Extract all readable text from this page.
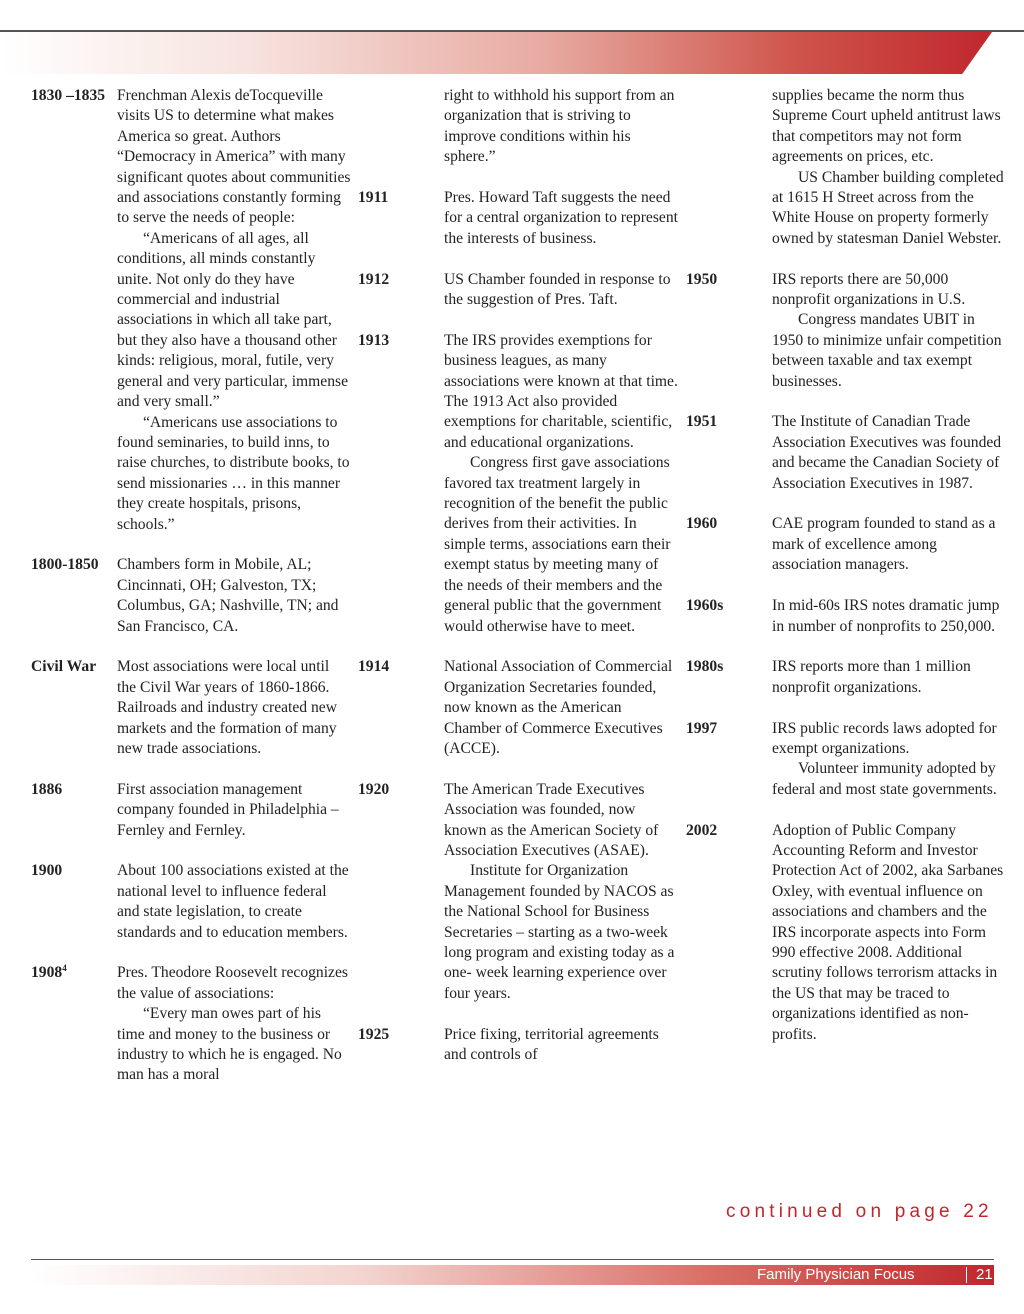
1830 –1835 Frenchman Alexis deTocqueville visits US to determine what makes America so great. Authors “Democracy in America” with many significant quotes about communities and associations constantly forming to serve the needs of people:

“Americans of all ages, all conditions, all minds constantly unite. Not only do they have commercial and industrial associations in which all take part, but they also have a thousand other kinds: religious, moral, futile, very general and very particular, immense and very small.”

“Americans use associations to found seminaries, to build inns, to raise churches, to distribute books, to send missionaries … in this manner they create hospitals, prisons, schools.”

1800-1850	Chambers form in Mobile, AL; Cincinnati, OH; Galveston, TX; Columbus, GA; Nashville, TN; and San Francisco, CA.

Civil War	Most associations were local until the Civil War years of 1860-1866.

Railroads and industry created new markets and the formation of many new trade associations.

1886	First association management company founded in Philadelphia – Fernley and Fernley.

1900	About 100 associations existed at the national level to influence federal and state legislation, to create standards and to education members.

1908$^4$	Pres. Theodore Roosevelt recognizes the value of associations:

“Every man owes part of his time and money to the business or industry to which he is engaged. No man has a moral

right to withhold his support from an organization that is striving to improve conditions within his sphere.”

1911	Pres. Howard Taft suggests the need for a central organization to represent the interests of business.

1912	US Chamber founded in response to the suggestion of Pres. Taft.

1913	The IRS provides exemptions for business leagues, as many associations were known at that time. The 1913 Act also provided exemptions for charitable, scientific, and educational organizations.

Congress first gave associations favored tax treatment largely in recognition of the benefit the public derives from their activities. In simple terms, associations earn their exempt status by meeting many of the needs of their members and the general public that the government would otherwise have to meet.

1914	National Association of Commercial Organization Secretaries founded, now known as the American Chamber of Commerce Executives (ACCE).

1920	The American Trade Executives Association was founded, now known as the American Society of Association Executives (ASAE).

Institute for Organization Management founded by NACOS as the National School for Business Secretaries – starting as a two-week long program and existing today as a one- week learning experience over four years.

1925	Price fixing, territorial agreements and controls of

supplies became the norm thus Supreme Court upheld antitrust laws that competitors may not form agreements on prices, etc.

US Chamber building completed at 1615 H Street across from the White House on property formerly owned by statesman Daniel Webster.

1950	IRS reports there are 50,000 nonprofit organizations in U.S.

Congress mandates UBIT in 1950 to minimize unfair competition between taxable and tax exempt businesses.

1951	The Institute of Canadian Trade Association Executives was founded and became the Canadian Society of Association Executives in 1987.

1960	CAE program founded to stand as a mark of excellence among association managers.

1960s	In mid-60s IRS notes dramatic jump in number of nonprofits to 250,000.

1980s	IRS reports more than 1 million nonprofit organizations.

1997	IRS public records laws adopted for exempt organizations.

Volunteer immunity adopted by federal and most state governments.

2002	Adoption of Public Company Accounting Reform and Investor Protection Act of 2002, aka Sarbanes Oxley, with eventual influence on associations and chambers and the IRS incorporate aspects into Form 990 effective 2008. Additional scrutiny follows terrorism attacks in the US that may be traced to organizations identified as non-profits.

continued on page 22
Family Physician Focus	21
